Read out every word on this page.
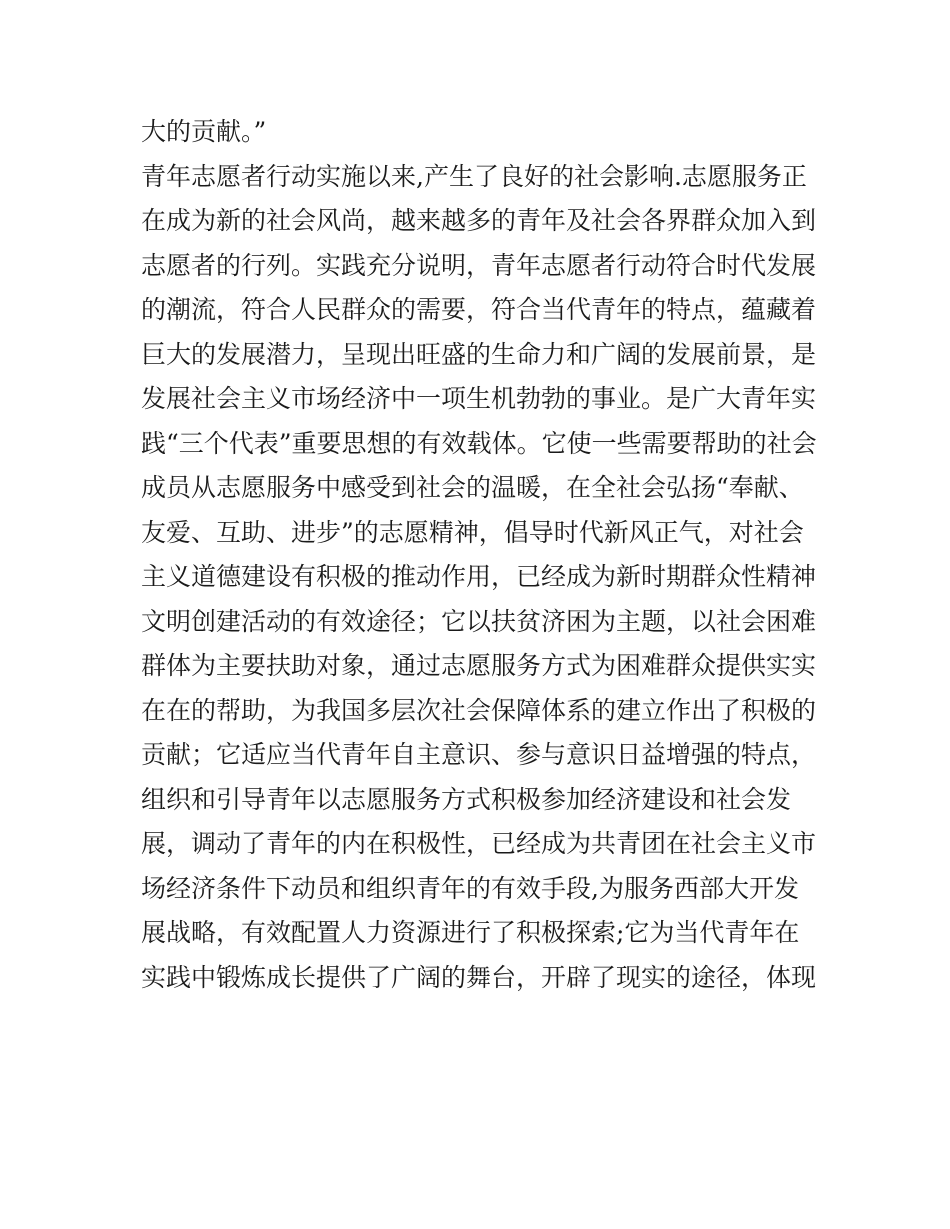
大的贡献。”
青年志愿者行动实施以来,产生了良好的社会影响.志愿服务正
在成为新的社会风尚，越来越多的青年及社会各界群众加入到
志愿者的行列。实践充分说明，青年志愿者行动符合时代发展
的潮流，符合人民群众的需要，符合当代青年的特点，蕴藏着
巨大的发展潜力，呈现出旺盛的生命力和广阔的发展前景，是
发展社会主义市场经济中一项生机勃勃的事业。是广大青年实
践“三个代表”重要思想的有效载体。它使一些需要帮助的社会
成员从志愿服务中感受到社会的温暖，在全社会弘扬“奉献、
友爱、互助、进步”的志愿精神，倡导时代新风正气，对社会
主义道德建设有积极的推动作用，已经成为新时期群众性精神
文明创建活动的有效途径；它以扶贫济困为主题，以社会困难
群体为主要扶助对象，通过志愿服务方式为困难群众提供实实
在在的帮助，为我国多层次社会保障体系的建立作出了积极的
贡献；它适应当代青年自主意识、参与意识日益增强的特点，
组织和引导青年以志愿服务方式积极参加经济建设和社会发
展，调动了青年的内在积极性，已经成为共青团在社会主义市
场经济条件下动员和组织青年的有效手段,为服务西部大开发
展战略，有效配置人力资源进行了积极探索;它为当代青年在
实践中锻炼成长提供了广阔的舞台，开辟了现实的途径，体现
